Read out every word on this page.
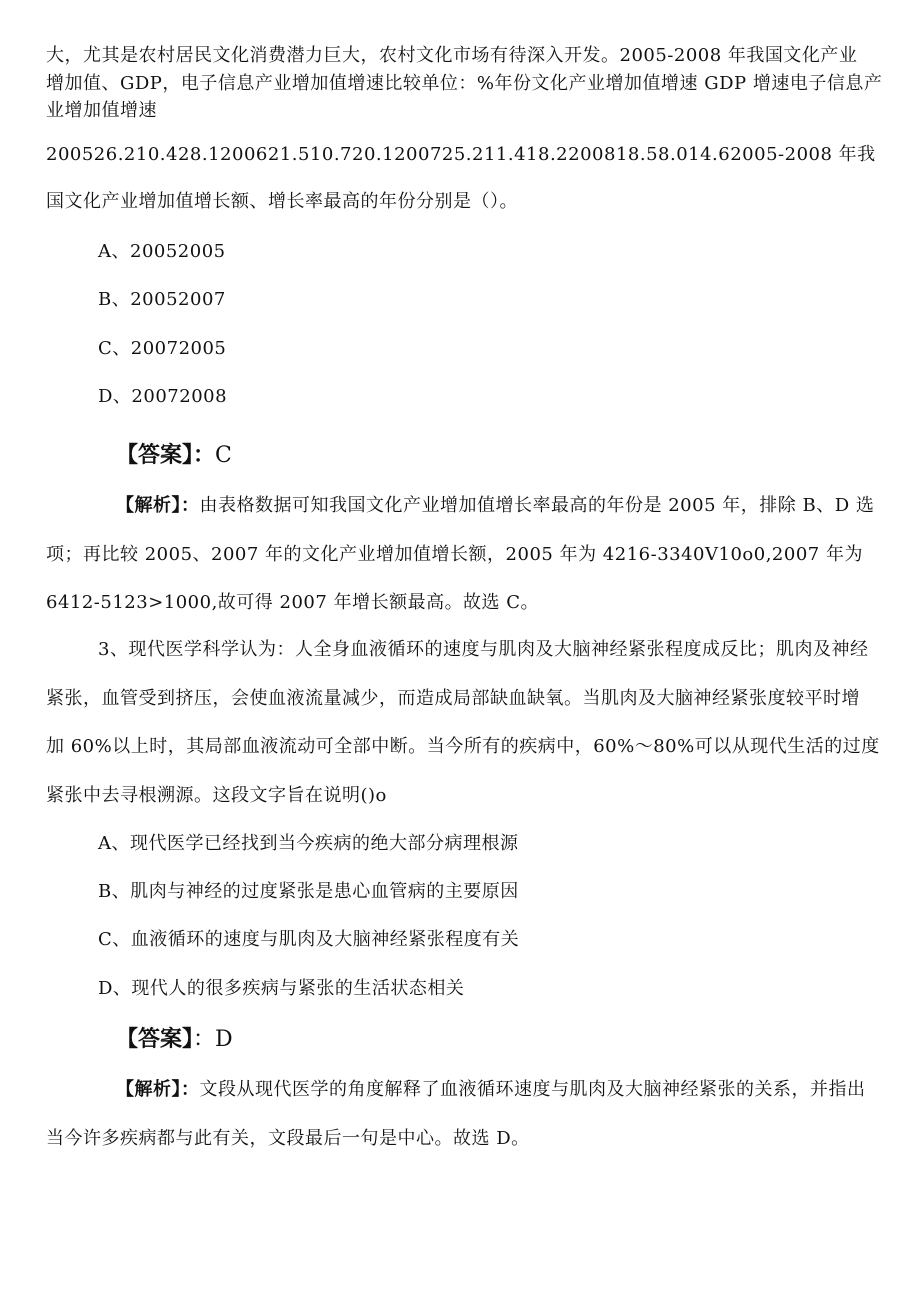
大，尤其是农村居民文化消费潜力巨大，农村文化市场有待深入开发。2005-2008 年我国文化产业
增加值、GDP，电子信息产业增加值增速比较单位：%年份文化产业增加值增速 GDP 增速电子信息产
业增加值增速
200526.210.428.1200621.510.720.1200725.211.418.2200818.58.014.62005-2008 年我
国文化产业增加值增长额、增长率最高的年份分别是（）。
A、20052005
B、20052007
C、20072005
D、20072008
【答案】：C
【解析】：由表格数据可知我国文化产业增加值增长率最高的年份是 2005 年，排除 B、D 选
项；再比较 2005、2007 年的文化产业增加值增长额，2005 年为 4216-3340V10o0,2007 年为
6412-5123>1000,故可得 2007 年增长额最高。故选 C。
3、现代医学科学认为：人全身血液循环的速度与肌肉及大脑神经紧张程度成反比；肌肉及神经
紧张，血管受到挤压，会使血液流量减少，而造成局部缺血缺氧。当肌肉及大脑神经紧张度较平时增
加 60%以上时，其局部血液流动可全部中断。当今所有的疾病中，60%～80%可以从现代生活的过度
紧张中去寻根溯源。这段文字旨在说明()o
A、现代医学已经找到当今疾病的绝大部分病理根源
B、肌肉与神经的过度紧张是患心血管病的主要原因
C、血液循环的速度与肌肉及大脑神经紧张程度有关
D、现代人的很多疾病与紧张的生活状态相关
【答案】：D
【解析】：文段从现代医学的角度解释了血液循环速度与肌肉及大脑神经紧张的关系，并指出
当今许多疾病都与此有关，文段最后一句是中心。故选 D。
